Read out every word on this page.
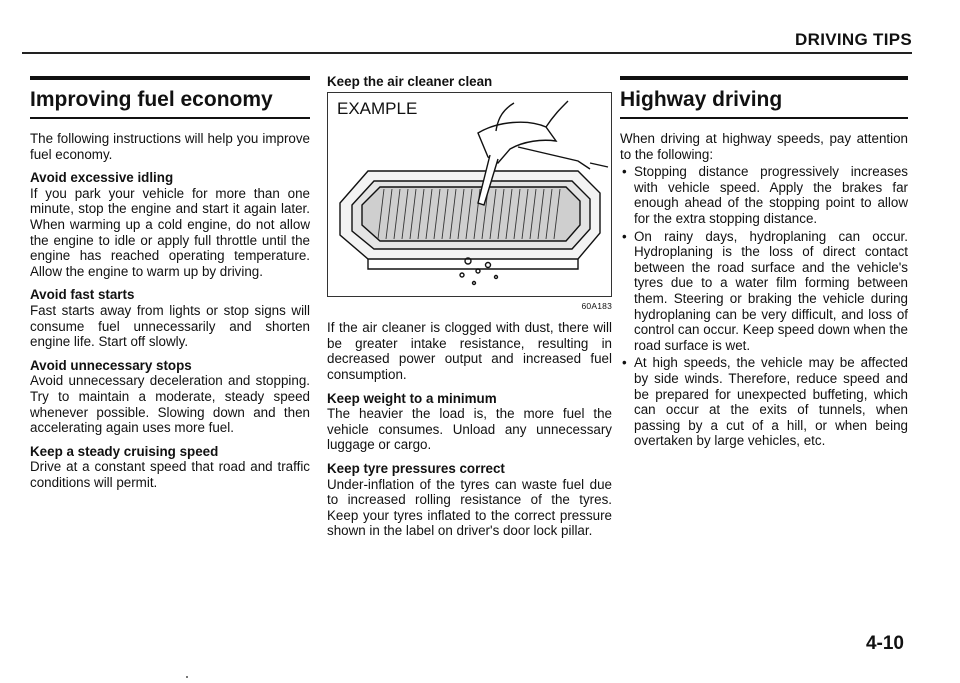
DRIVING TIPS
Improving fuel economy

The following instructions will help you improve fuel economy.

Avoid excessive idling

If you park your vehicle for more than one minute, stop the engine and start it again later. When warming up a cold engine, do not allow the engine to idle or apply full throttle until the engine has reached operating temperature. Allow the engine to warm up by driving.

Avoid fast starts

Fast starts away from lights or stop signs will consume fuel unnecessarily and shorten engine life. Start off slowly.

Avoid unnecessary stops

Avoid unnecessary deceleration and stopping. Try to maintain a moderate, steady speed whenever possible. Slowing down and then accelerating again uses more fuel.

Keep a steady cruising speed

Drive at a constant speed that road and traffic conditions will permit.

Keep the air cleaner clean
EXAMPLE
60A183

If the air cleaner is clogged with dust, there will be greater intake resistance, resulting in decreased power output and increased fuel consumption.

Keep weight to a minimum

The heavier the load is, the more fuel the vehicle consumes. Unload any unnecessary luggage or cargo.

Keep tyre pressures correct

Under-inflation of the tyres can waste fuel due to increased rolling resistance of the tyres. Keep your tyres inflated to the correct pressure shown in the label on driver's door lock pillar.

Highway driving

When driving at highway speeds, pay attention to the following:

• Stopping distance progressively increases with vehicle speed. Apply the brakes far enough ahead of the stopping point to allow for the extra stopping distance.
• On rainy days, hydroplaning can occur. Hydroplaning is the loss of direct contact between the road surface and the vehicle's tyres due to a water film forming between them. Steering or braking the vehicle during hydroplaning can be very difficult, and loss of control can occur. Keep speed down when the road surface is wet.
• At high speeds, the vehicle may be affected by side winds. Therefore, reduce speed and be prepared for unexpected buffeting, which can occur at the exits of tunnels, when passing by a cut of a hill, or when being overtaken by large vehicles, etc.
4-10
